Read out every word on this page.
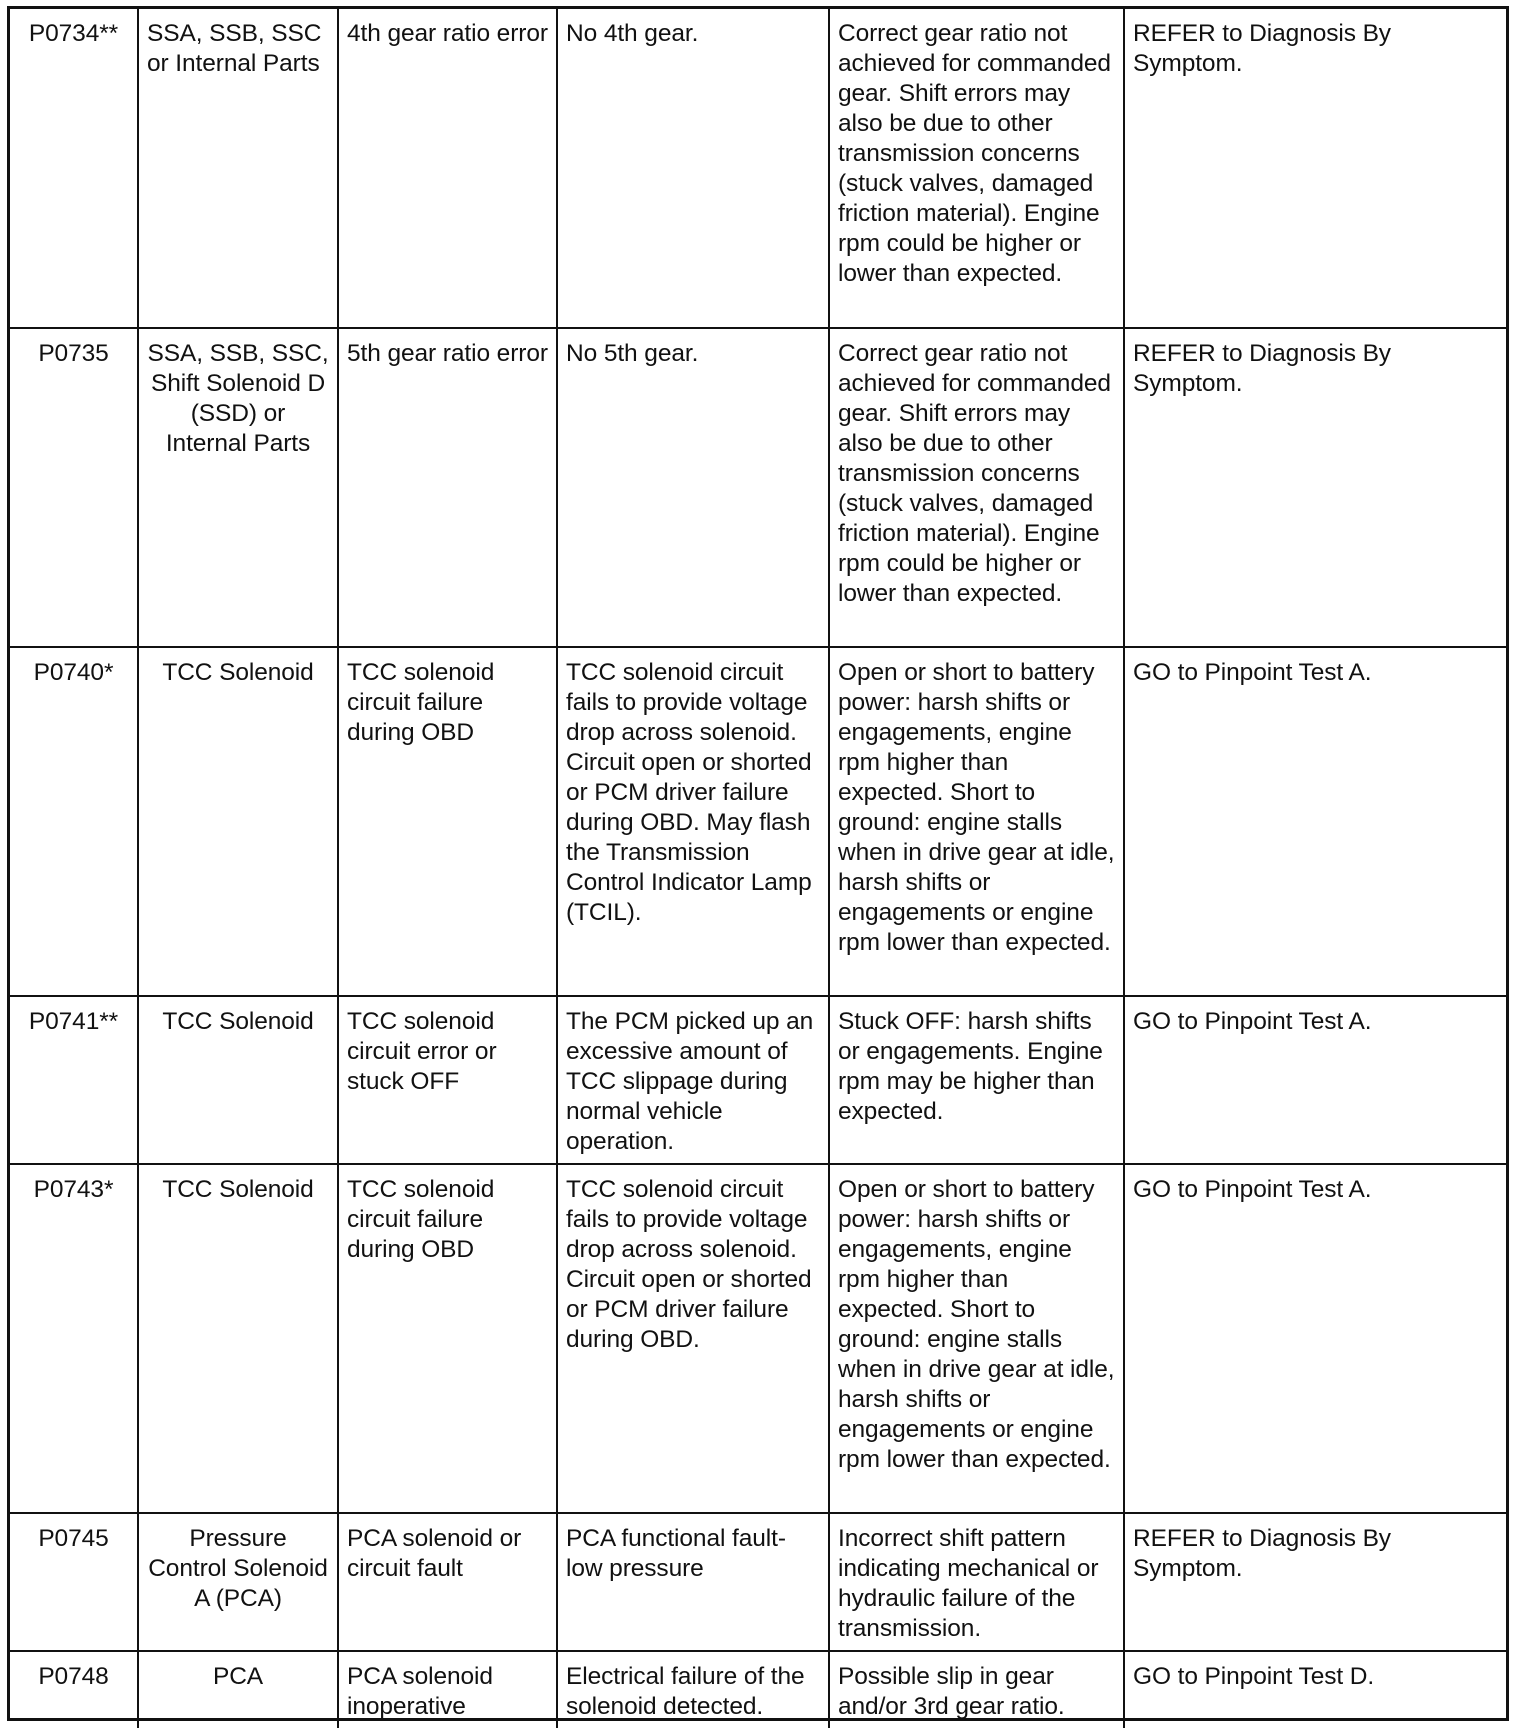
P0734**	SSA, SSB, SSC or Internal Parts	4th gear ratio error	No 4th gear.	Correct gear ratio not achieved for commanded gear. Shift errors may also be due to other transmission concerns (stuck valves, damaged friction material). Engine rpm could be higher or lower than expected.	REFER to Diagnosis By Symptom.
P0735	SSA, SSB, SSC, Shift Solenoid D (SSD) or Internal Parts	5th gear ratio error	No 5th gear.	Correct gear ratio not achieved for commanded gear. Shift errors may also be due to other transmission concerns (stuck valves, damaged friction material). Engine rpm could be higher or lower than expected.	REFER to Diagnosis By Symptom.
P0740*	TCC Solenoid	TCC solenoid circuit failure during OBD	TCC solenoid circuit fails to provide voltage drop across solenoid. Circuit open or shorted or PCM driver failure during OBD. May flash the Transmission Control Indicator Lamp (TCIL).	Open or short to battery power: harsh shifts or engagements, engine rpm higher than expected. Short to ground: engine stalls when in drive gear at idle, harsh shifts or engagements or engine rpm lower than expected.	GO to Pinpoint Test A.
P0741**	TCC Solenoid	TCC solenoid circuit error or stuck OFF	The PCM picked up an excessive amount of TCC slippage during normal vehicle operation.	Stuck OFF: harsh shifts or engagements. Engine rpm may be higher than expected.	GO to Pinpoint Test A.
P0743*	TCC Solenoid	TCC solenoid circuit failure during OBD	TCC solenoid circuit fails to provide voltage drop across solenoid. Circuit open or shorted or PCM driver failure during OBD.	Open or short to battery power: harsh shifts or engagements, engine rpm higher than expected. Short to ground: engine stalls when in drive gear at idle, harsh shifts or engagements or engine rpm lower than expected.	GO to Pinpoint Test A.
P0745	Pressure Control Solenoid A (PCA)	PCA solenoid or circuit fault	PCA functional fault-low pressure	Incorrect shift pattern indicating mechanical or hydraulic failure of the transmission.	REFER to Diagnosis By Symptom.
P0748	PCA	PCA solenoid inoperative	Electrical failure of the solenoid detected.	Possible slip in gear and/or 3rd gear ratio.	GO to Pinpoint Test D.
